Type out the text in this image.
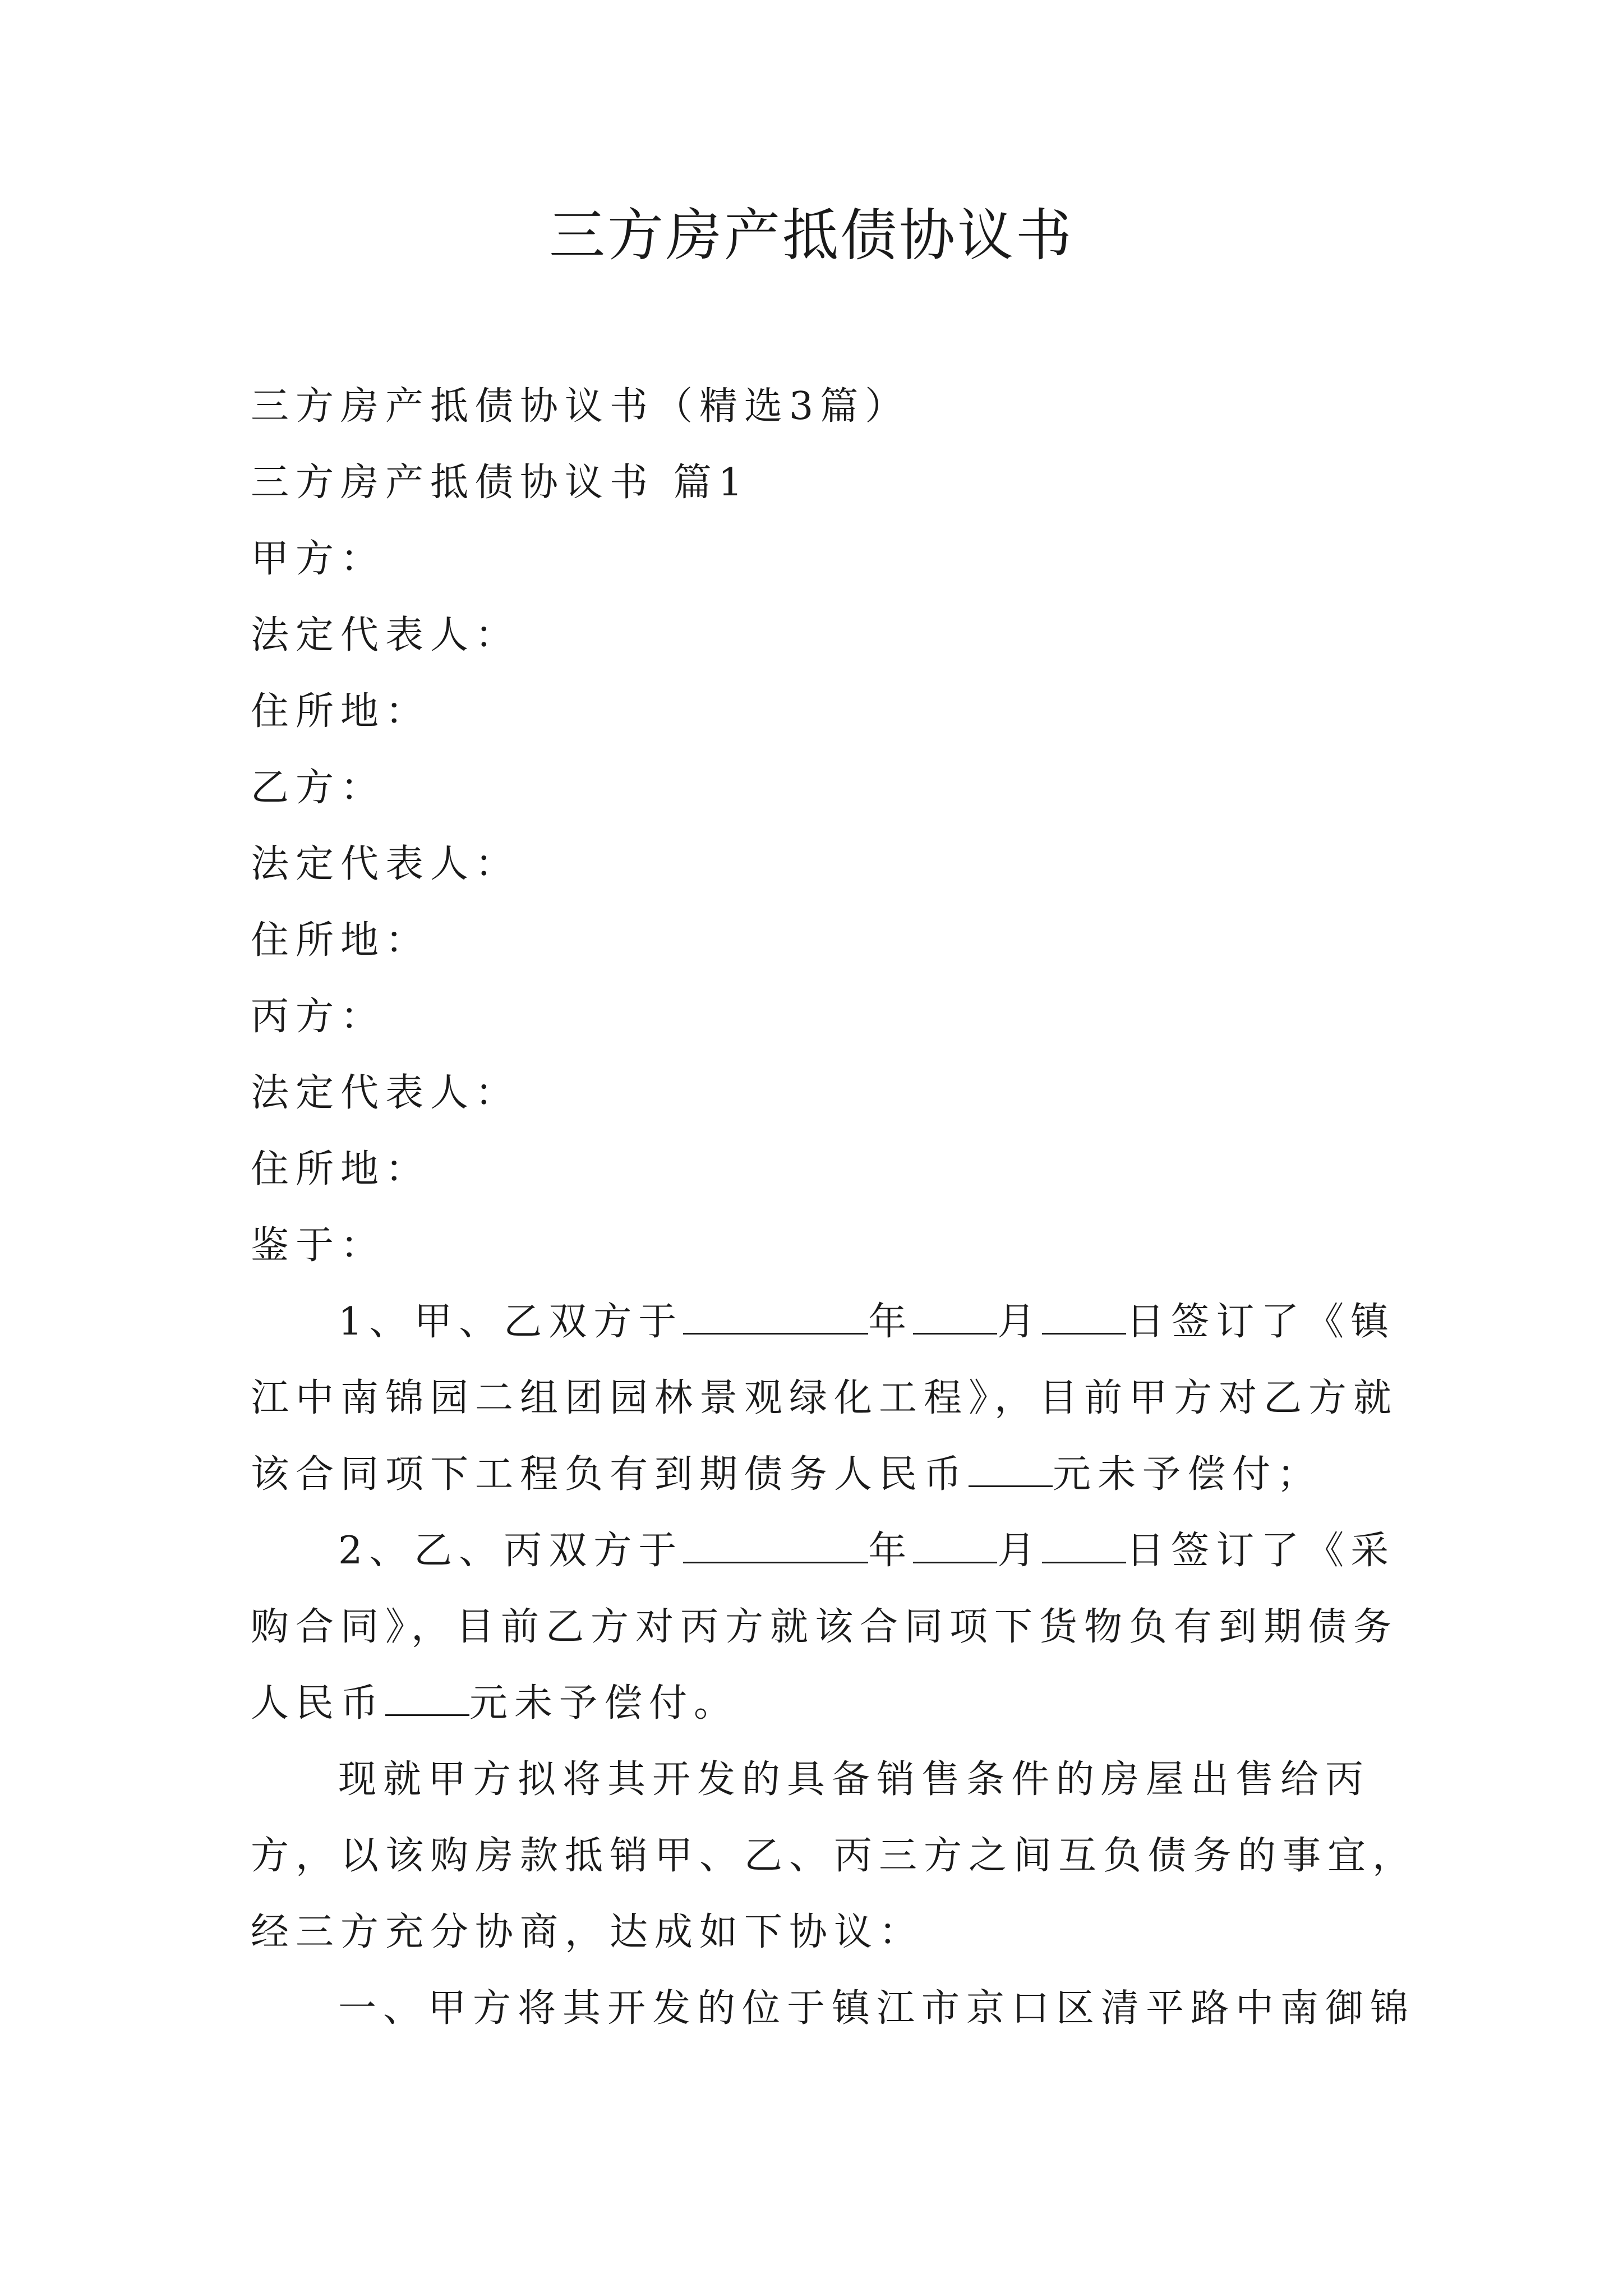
三方房产抵债协议书

三方房产抵债协议书（精选3篇）

三方房产抵债协议书 篇1

甲方：

法定代表人：

住所地：

乙方：

法定代表人：

住所地：

丙方：

法定代表人：

住所地：

鉴于：

1、甲、乙双方于	年 月 日签订了《镇

江中南锦园二组团园林景观绿化工程》，目前甲方对乙方就

该合同项下工程负有到期债务人民币 元未予偿付；

2、乙、丙双方于	年 月 日签订了《采

购合同》，目前乙方对丙方就该合同项下货物负有到期债务

人民币 元未予偿付。

现就甲方拟将其开发的具备销售条件的房屋出售给丙

方，以该购房款抵销甲、乙、丙三方之间互负债务的事宜，

经三方充分协商，达成如下协议：

一、甲方将其开发的位于镇江市京口区清平路中南御锦
